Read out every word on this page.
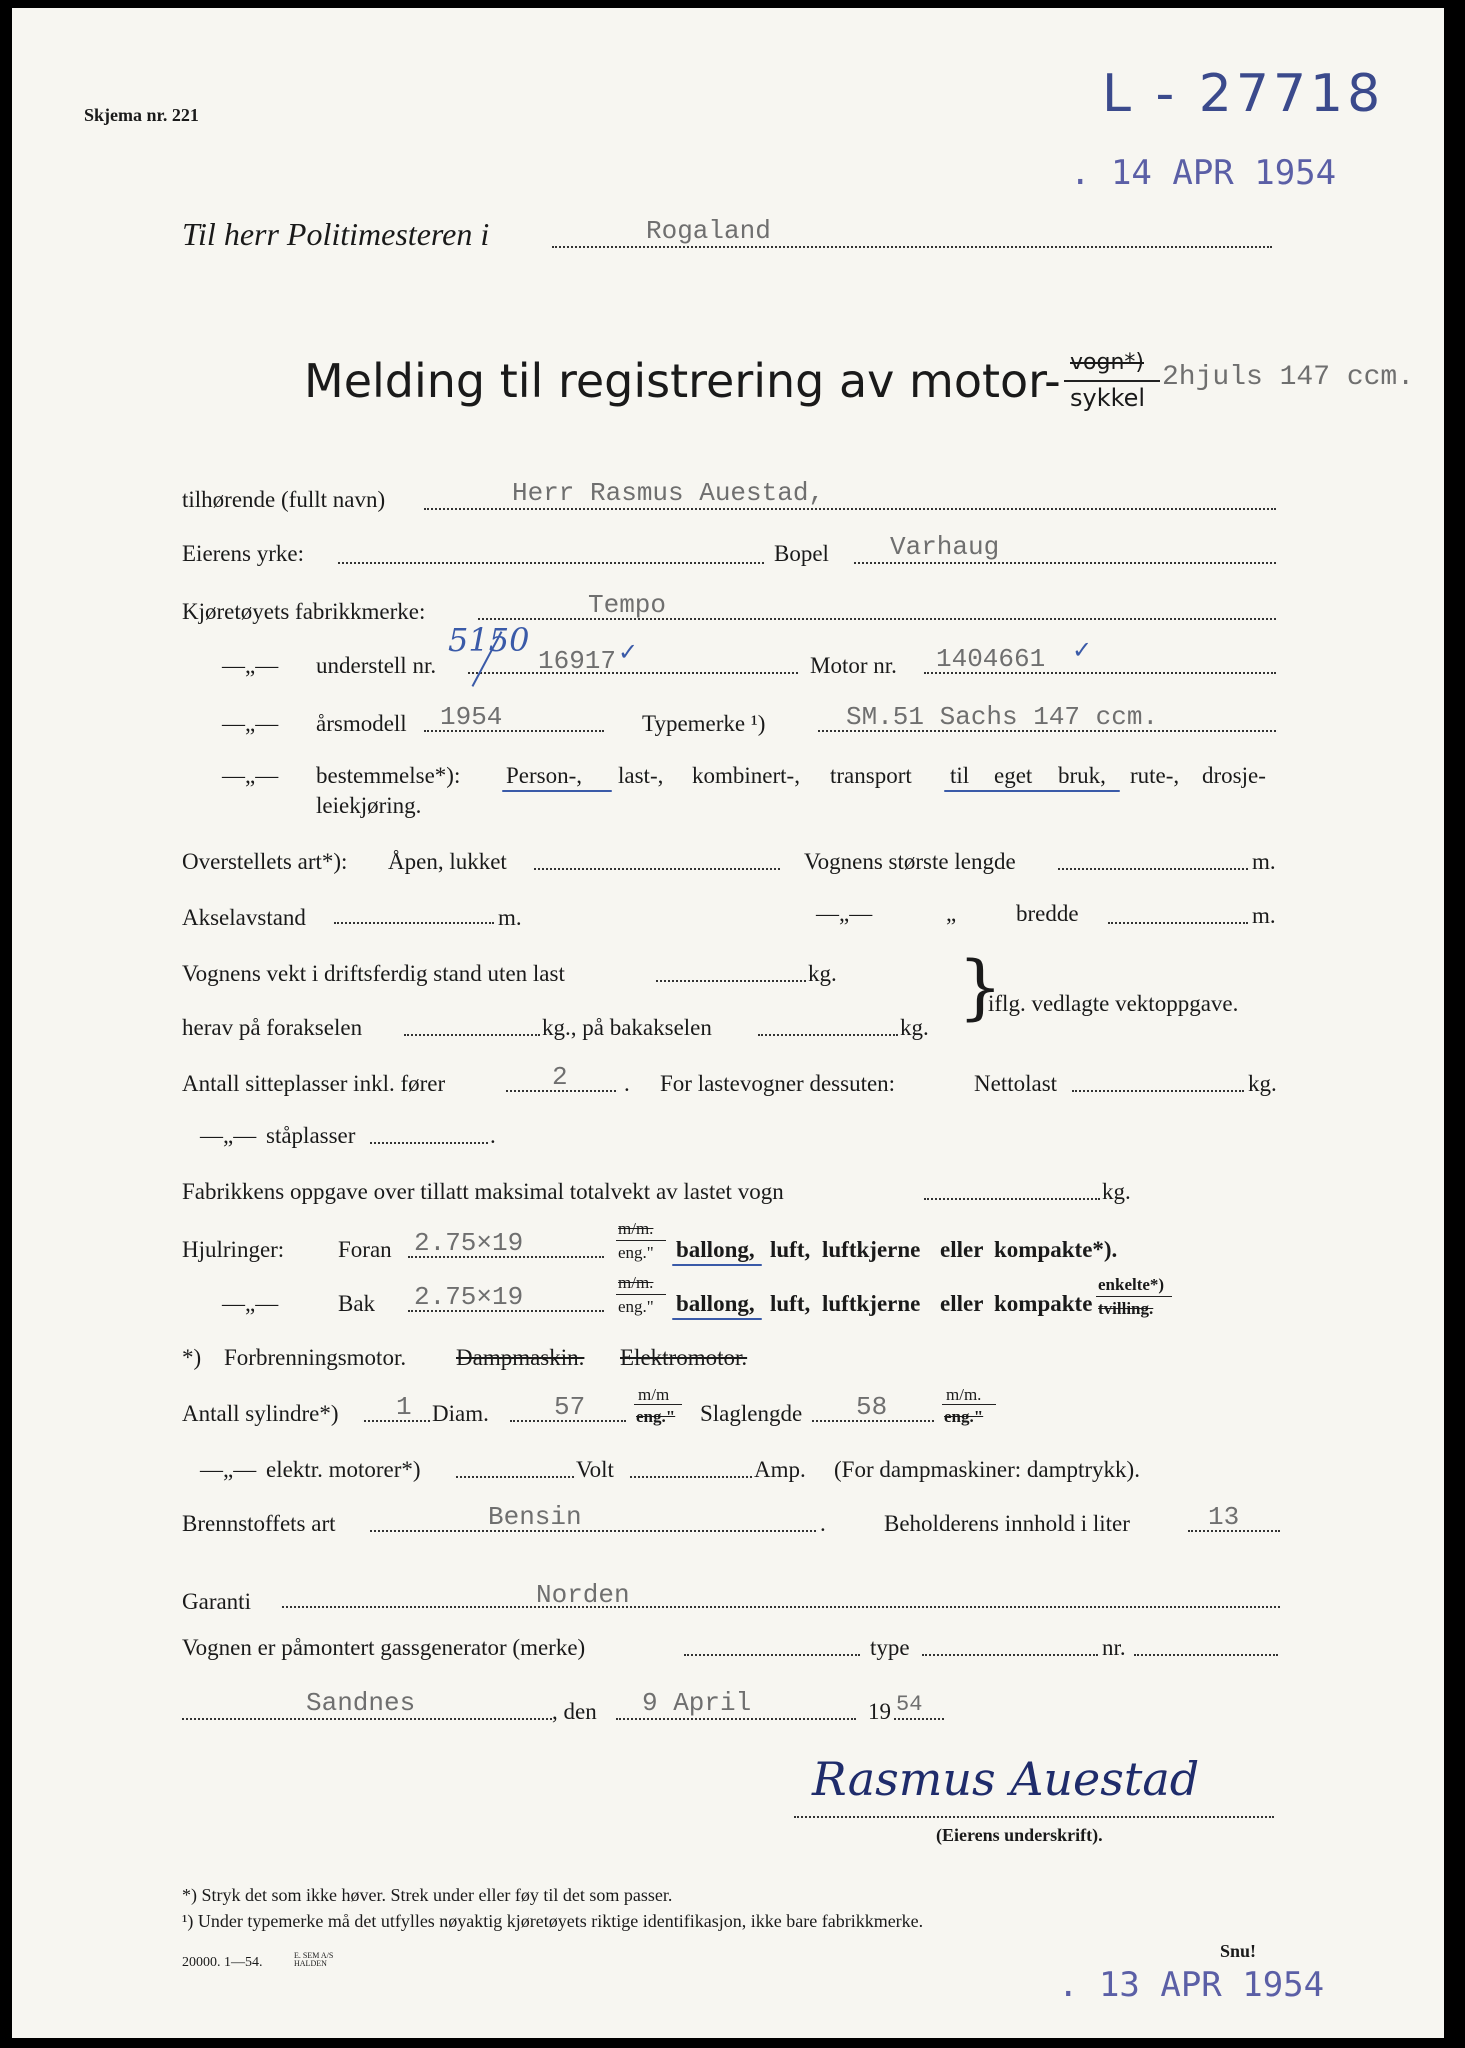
Skjema nr. 221	L - 27718
. 14 APR 1954
Til herr Politimesteren i	Rogaland
Melding til registrering av motor- vogn*)
sykkel
2hjuls 147 ccm.
tilhørende (fullt navn)	Herr Rasmus Auestad,
Eierens yrke:	Bopel Varhaug
Kjøretøyets fabrikkmerke:	Tempo
—„— understell nr.
5150
16917 ✓	Motor nr. 1404661 ✓
—„— årsmodell 1954	Typemerke ¹)	SM.51 Sachs 147 ccm.
—„— bestemmelse*): Person-, last-, kombinert-, transport til eget bruk, rute-, drosje-
leiekjøring.
Overstellets art*): Åpen, lukket	Vognens største lengde	m.
Akselavstand	m.	—„—	„	bredde	m.
Vognens vekt i driftsferdig stand uten last	kg.
herav på forakselen	kg., på bakakselen	kg. }
iflg. vedlagte vektoppgave.
Antall sitteplasser inkl. fører	2 . For lastevogner dessuten:	Nettolast	kg.
—„— ståplasser	.
Fabrikkens oppgave over tillatt maksimal totalvekt av lastet vogn	kg.
Hjulringer: Foran 2.75×19	m/m.
eng." ballong, luft, luftkjerne eller kompakte*).
—„—	Bak 2.75×19	m/m.
eng." ballong, luft, luftkjerne eller kompakte
enkelte*)
tvilling.
*) Forbrenningsmotor. Dampmaskin. Elektromotor.
Antall sylindre*) 1 Diam.	57	m/m
eng." Slaglengde 58	m/m.
eng."
—„— elektr. motorer*)	Volt	Amp. (For dampmaskiner: damptrykk).
Brennstoffets art	Bensin	.	Beholderens innhold i liter	13
Garanti	Norden
Vognen er påmontert gassgenerator (merke)	type	nr.
Sandnes	, den 9 April	19 54
Rasmus Auestad
(Eierens underskrift).
*) Stryk det som ikke høver. Strek under eller føy til det som passer.
¹) Under typemerke må det utfylles nøyaktig kjøretøyets riktige identifikasjon, ikke bare fabrikkmerke.
Snu!
20000. 1—54.	E. SEM A/S HALDEN
. 13 APR 1954
